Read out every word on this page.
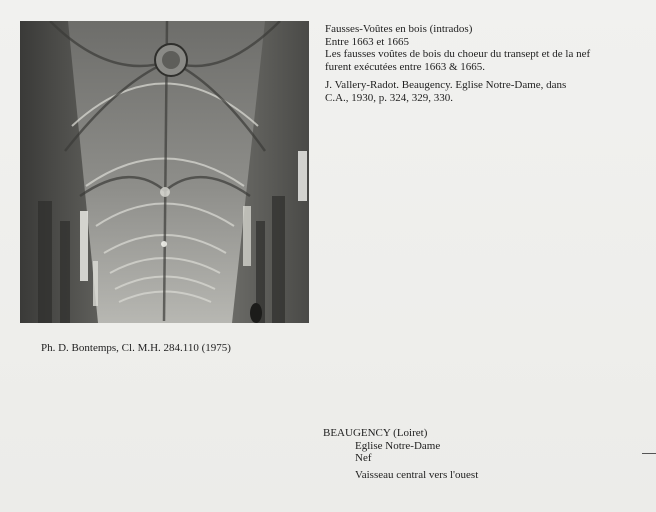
Fausses-Voûtes en bois (intrados)
Entre 1663 et 1665
Les fausses voûtes de bois du choeur du transept et de la nef
furent exécutées entre 1663 & 1665.
J. Vallery-Radot. Beaugency. Eglise Notre-Dame, dans
C.A., 1930, p. 324, 329, 330.
Ph. D. Bontemps, Cl. M.H. 284.110 (1975)
BEAUGENCY (Loiret)
Eglise Notre-Dame
Nef
Vaisseau central vers l'ouest
